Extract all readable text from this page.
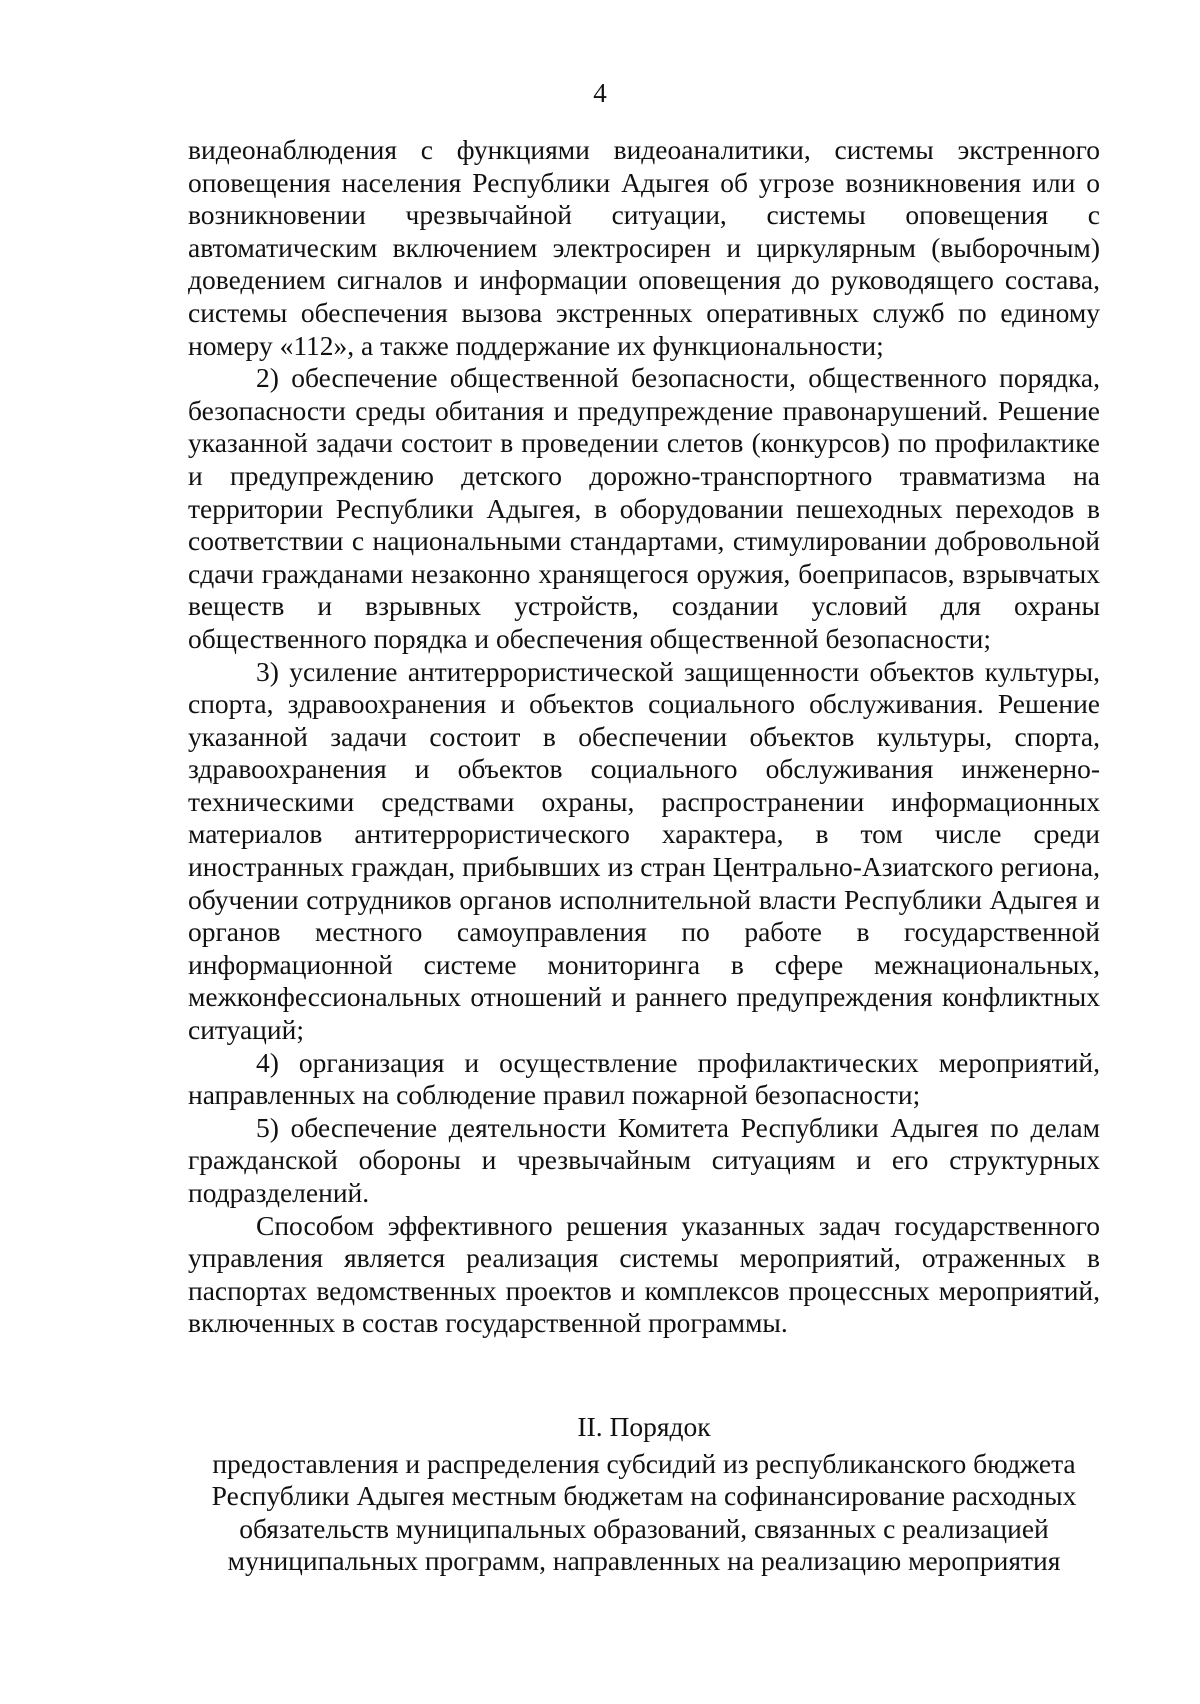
4

видеонаблюдения с функциями видеоаналитики, системы экстренного оповещения населения Республики Адыгея об угрозе возникновения или о возникновении чрезвычайной ситуации, системы оповещения с автоматическим включением электросирен и циркулярным (выборочным) доведением сигналов и информации оповещения до руководящего состава, системы обеспечения вызова экстренных оперативных служб по единому номеру «112», а также поддержание их функциональности;

2) обеспечение общественной безопасности, общественного порядка, безопасности среды обитания и предупреждение правонарушений. Решение указанной задачи состоит в проведении слетов (конкурсов) по профилактике и предупреждению детского дорожно-транспортного травматизма на территории Республики Адыгея, в оборудовании пешеходных переходов в соответствии с национальными стандартами, стимулировании добровольной сдачи гражданами незаконно хранящегося оружия, боеприпасов, взрывчатых веществ и взрывных устройств, создании условий для охраны общественного порядка и обеспечения общественной безопасности;

3) усиление антитеррористической защищенности объектов культуры, спорта, здравоохранения и объектов социального обслуживания. Решение указанной задачи состоит в обеспечении объектов культуры, спорта, здравоохранения и объектов социального обслуживания инженерно-техническими средствами охраны, распространении информационных материалов антитеррористического характера, в том числе среди иностранных граждан, прибывших из стран Центрально-Азиатского региона, обучении сотрудников органов исполнительной власти Республики Адыгея и органов местного самоуправления по работе в государственной информационной системе мониторинга в сфере межнациональных, межконфессиональных отношений и раннего предупреждения конфликтных ситуаций;

4) организация и осуществление профилактических мероприятий, направленных на соблюдение правил пожарной безопасности;

5) обеспечение деятельности Комитета Республики Адыгея по делам гражданской обороны и чрезвычайным ситуациям и его структурных подразделений.

Способом эффективного решения указанных задач государственного управления является реализация системы мероприятий, отраженных в паспортах ведомственных проектов и комплексов процессных мероприятий, включенных в состав государственной программы.

II. Порядок

предоставления и распределения субсидий из республиканского бюджета Республики Адыгея местным бюджетам на софинансирование расходных обязательств муниципальных образований, связанных с реализацией муниципальных программ, направленных на реализацию мероприятия
